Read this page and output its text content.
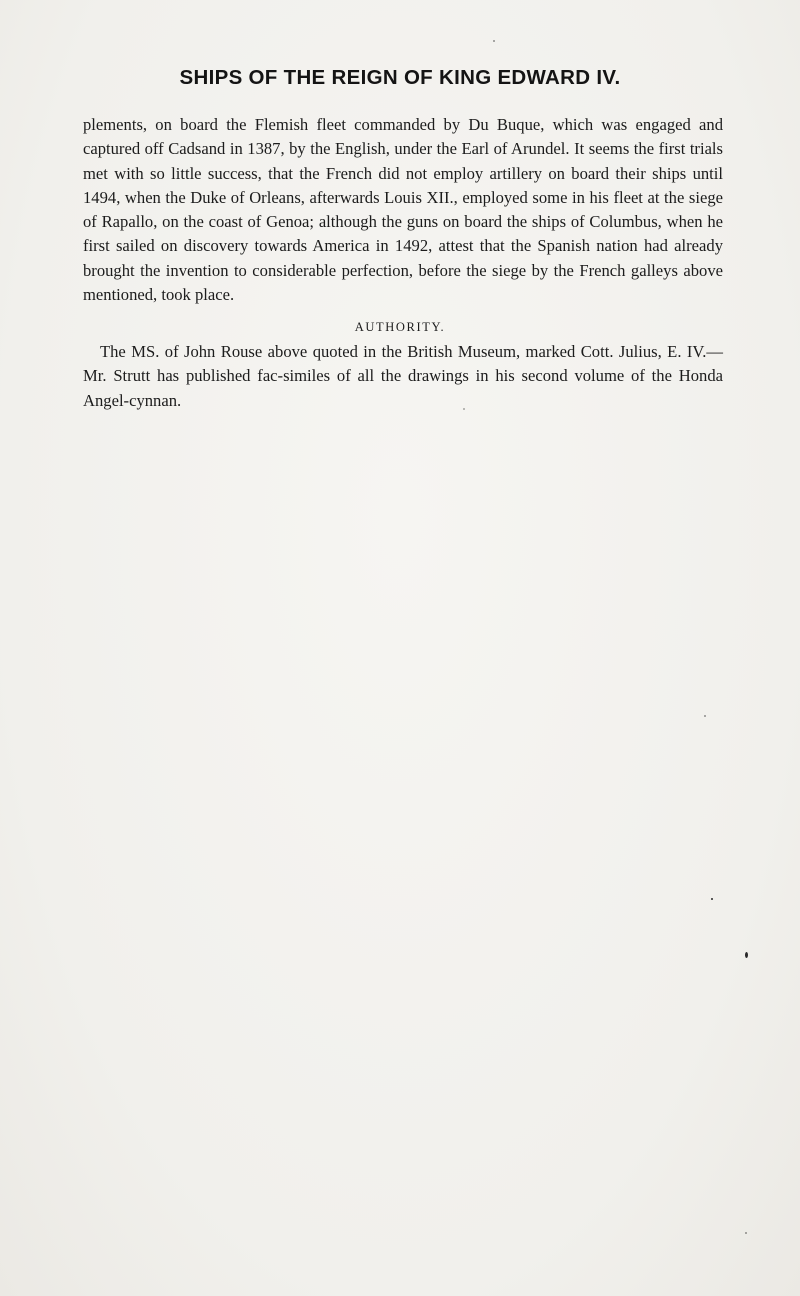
SHIPS OF THE REIGN OF KING EDWARD IV.

plements, on board the Flemish fleet commanded by Du Buque, which was engaged and captured off Cadsand in 1387, by the English, under the Earl of Arundel. It seems the first trials met with so little success, that the French did not employ artillery on board their ships until 1494, when the Duke of Orleans, afterwards Louis XII., employed some in his fleet at the siege of Rapallo, on the coast of Genoa; although the guns on board the ships of Columbus, when he first sailed on discovery towards America in 1492, attest that the Spanish nation had already brought the invention to considerable perfection, before the siege by the French galleys above mentioned, took place.

AUTHORITY.

The MS. of John Rouse above quoted in the British Museum, marked Cott. Julius, E. IV.—Mr. Strutt has published fac-similes of all the drawings in his second volume of the Honda Angel-cynnan.
